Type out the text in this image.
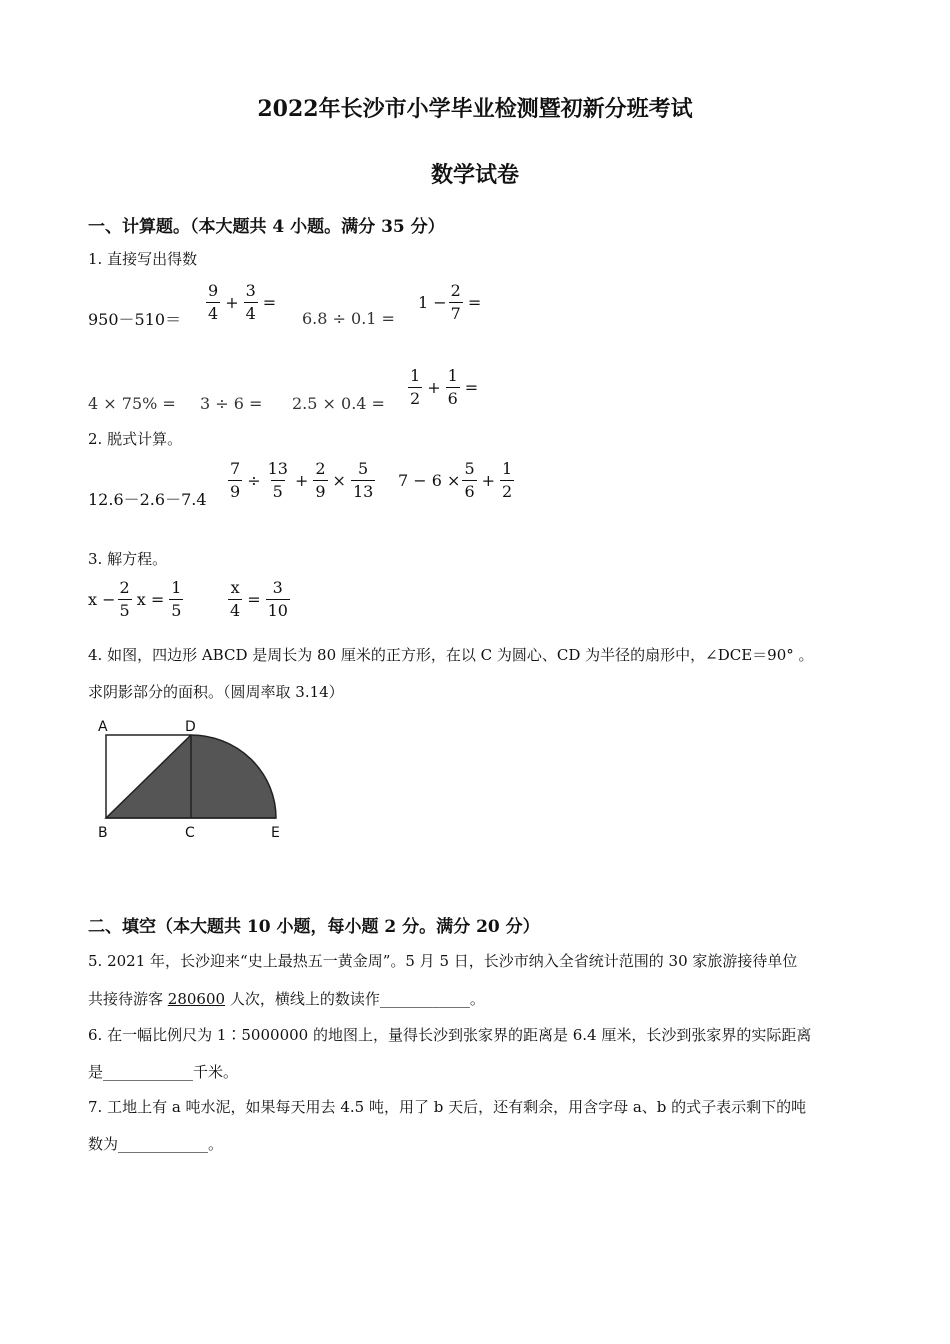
2022年长沙市小学毕业检测暨初新分班考试
数学试卷
一、计算题。（本大题共 4 小题。满分 35 分）
1. 直接写出得数
$950-510= \frac{9}{4} + \frac{3}{4}$ =
6.8 ÷ 0.1 =
$1 - \frac{2}{7}$ =
$4 \times 75\% = 3 \div 6 = 2.5 \times 0.4 = \frac{1}{2} + \frac{1}{6}$ =
2. 脱式计算。
$12.6-2.6-7.4 \frac{7}{9} \div \frac{13}{5} + \frac{2}{9} \times \frac{5}{13} 7 - 6 \times \frac{5}{6} + \frac{1}{2}$
3. 解方程。
$x - \frac{2}{5}$ $x = \frac{1}{5}$	$\frac{x}{4} = \frac{3}{10}$
4. 如图，四边形 ABCD 是周长为 80 厘米的正方形，在以 C 为圆心、CD 为半径的扇形中，∠DCE＝90° 。
求阴影部分的面积。（圆周率取 3.14）
A	D
B	C	E
二、填空（本大题共 10 小题，每小题 2 分。满分 20 分）
5. 2021 年，长沙迎来“史上最热五一黄金周”。5 月 5 日，长沙市纳入全省统计范围的 30 家旅游接待单位
共接待游客 280600 人次，横线上的数读作____________。
6. 在一幅比例尺为 1∶5000000 的地图上，量得长沙到张家界的距离是 6.4 厘米，长沙到张家界的实际距离
是____________千米。
7. 工地上有 a 吨水泥，如果每天用去 4.5 吨，用了 b 天后，还有剩余，用含字母 a、b 的式子表示剩下的吨
数为____________。
